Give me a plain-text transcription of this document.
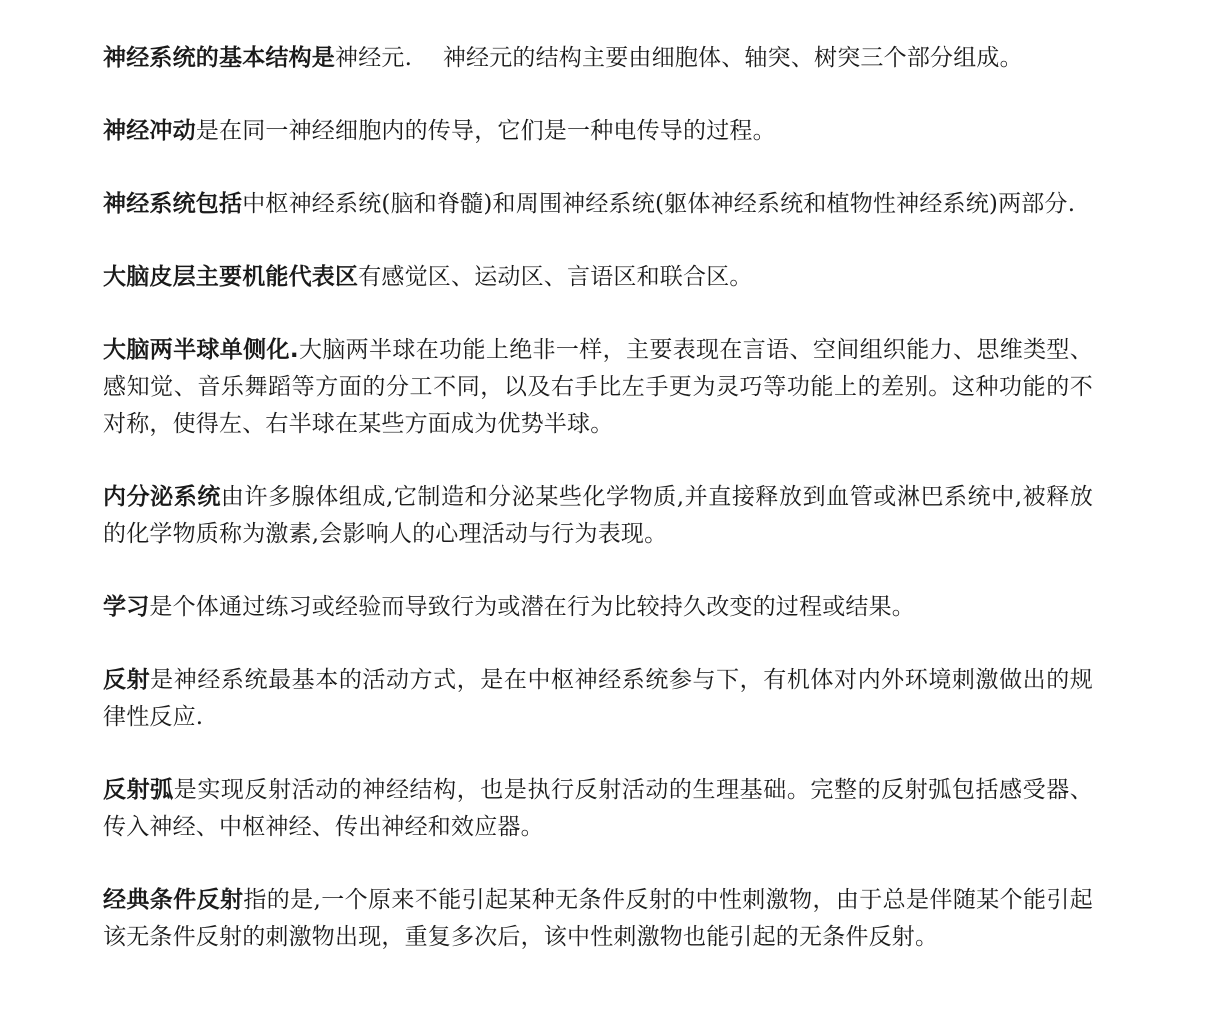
神经系统的基本结构是神经元.　 神经元的结构主要由细胞体、轴突、树突三个部分组成。

神经冲动是在同一神经细胞内的传导，它们是一种电传导的过程。

神经系统包括中枢神经系统(脑和脊髓)和周围神经系统(躯体神经系统和植物性神经系统)两部分.

大脑皮层主要机能代表区有感觉区、运动区、言语区和联合区。

大脑两半球单侧化.大脑两半球在功能上绝非一样，主要表现在言语、空间组织能力、思维类型、感知觉、音乐舞蹈等方面的分工不同，以及右手比左手更为灵巧等功能上的差别。这种功能的不对称，使得左、右半球在某些方面成为优势半球。

内分泌系统由许多腺体组成,它制造和分泌某些化学物质,并直接释放到血管或淋巴系统中,被释放的化学物质称为激素,会影响人的心理活动与行为表现。

学习是个体通过练习或经验而导致行为或潜在行为比较持久改变的过程或结果。

反射是神经系统最基本的活动方式，是在中枢神经系统参与下，有机体对内外环境刺激做出的规律性反应.

反射弧是实现反射活动的神经结构，也是执行反射活动的生理基础。完整的反射弧包括感受器、传入神经、中枢神经、传出神经和效应器。

经典条件反射指的是,一个原来不能引起某种无条件反射的中性刺激物，由于总是伴随某个能引起该无条件反射的刺激物出现，重复多次后，该中性刺激物也能引起的无条件反射。
